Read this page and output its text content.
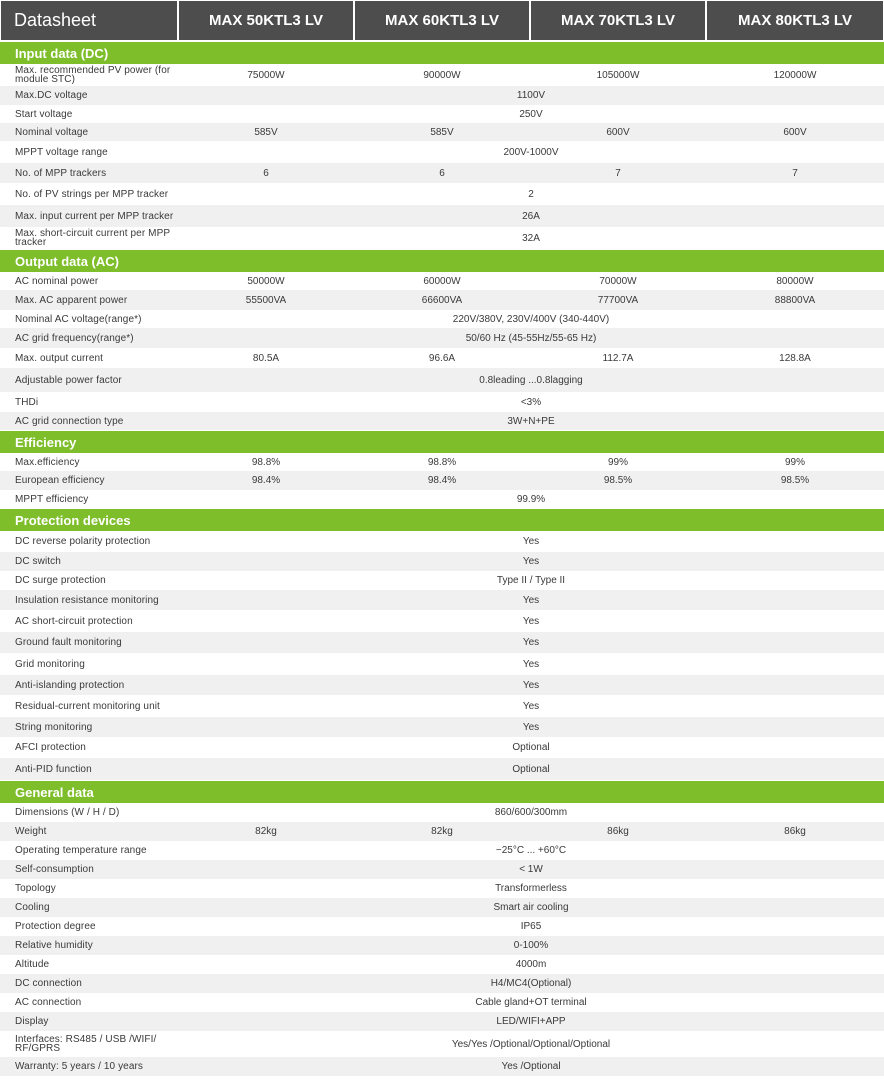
Datasheet	MAX 50KTL3 LV	MAX 60KTL3 LV	MAX 70KTL3 LV	MAX 80KTL3 LV
Input data (DC)
Max. recommended PV power (for module STC)	75000W	90000W	105000W	120000W
Max.DC voltage	1100V
Start voltage	250V
Nominal voltage	585V	585V	600V	600V
MPPT voltage range	200V-1000V
No. of MPP trackers	6	6	7	7
No. of PV strings per MPP tracker	2
Max. input current per MPP tracker	26A
Max. short-circuit current per MPP tracker	32A
Output data (AC)
AC nominal power	50000W	60000W	70000W	80000W
Max. AC apparent power	55500VA	66600VA	77700VA	88800VA
Nominal AC voltage(range*)	220V/380V, 230V/400V (340-440V)
AC grid frequency(range*)	50/60 Hz (45-55Hz/55-65 Hz)
Max. output current	80.5A	96.6A	112.7A	128.8A
Adjustable power factor	0.8leading ...0.8lagging
THDi	<3%
AC grid connection type	3W+N+PE
Efficiency
Max.efficiency	98.8%	98.8%	99%	99%
European efficiency	98.4%	98.4%	98.5%	98.5%
MPPT efficiency	99.9%
Protection devices
DC reverse polarity protection	Yes
DC switch	Yes
DC surge protection	Type II / Type II
Insulation resistance monitoring	Yes
AC short-circuit protection	Yes
Ground fault monitoring	Yes
Grid monitoring	Yes
Anti-islanding protection	Yes
Residual-current monitoring unit	Yes
String monitoring	Yes
AFCI protection	Optional
Anti-PID function	Optional
General data
Dimensions (W / H / D)	860/600/300mm
Weight	82kg	82kg	86kg	86kg
Operating temperature range	−25°C ... +60°C
Self-consumption	< 1W
Topology	Transformerless
Cooling	Smart air cooling
Protection degree	IP65
Relative humidity	0-100%
Altitude	4000m
DC connection	H4/MC4(Optional)
AC connection	Cable gland+OT terminal
Display	LED/WIFI+APP
Interfaces: RS485 / USB /WIFI/ RF/GPRS	Yes/Yes /Optional/Optional/Optional
Warranty: 5 years / 10 years	Yes /Optional
